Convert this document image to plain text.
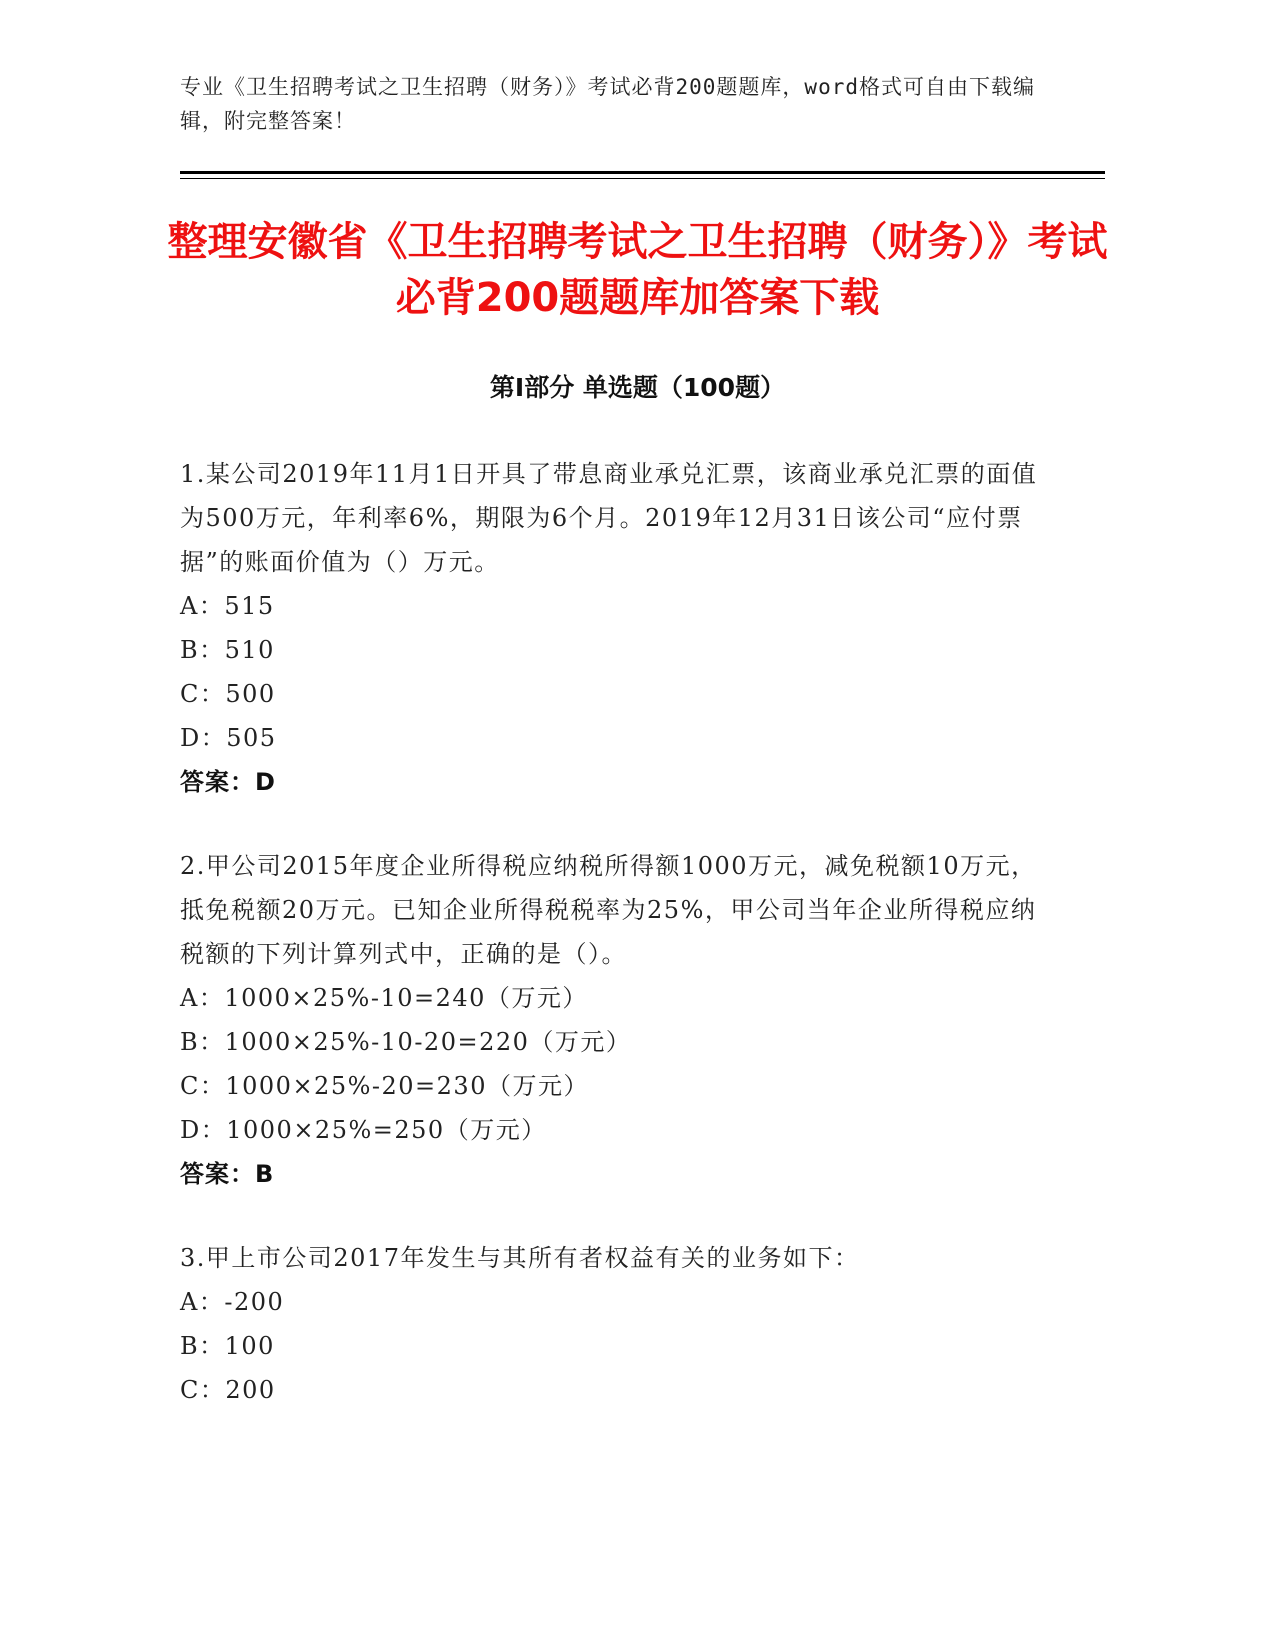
专业《卫生招聘考试之卫生招聘（财务）》考试必背200题题库，word格式可自由下载编辑，附完整答案！
整理安徽省《卫生招聘考试之卫生招聘（财务）》考试必背200题题库加答案下载
第I部分 单选题（100题）
1.某公司2019年11月1日开具了带息商业承兑汇票，该商业承兑汇票的面值为500万元，年利率6%，期限为6个月。2019年12月31日该公司“应付票据”的账面价值为（）万元。
A：515
B：510
C：500
D：505
答案：D
2.甲公司2015年度企业所得税应纳税所得额1000万元，减免税额10万元，抵免税额20万元。已知企业所得税税率为25%，甲公司当年企业所得税应纳税额的下列计算列式中，正确的是（）。
A：1000×25%-10=240（万元）
B：1000×25%-10-20=220（万元）
C：1000×25%-20=230（万元）
D：1000×25%=250（万元）
答案：B
3.甲上市公司2017年发生与其所有者权益有关的业务如下：
A：-200
B：100
C：200
